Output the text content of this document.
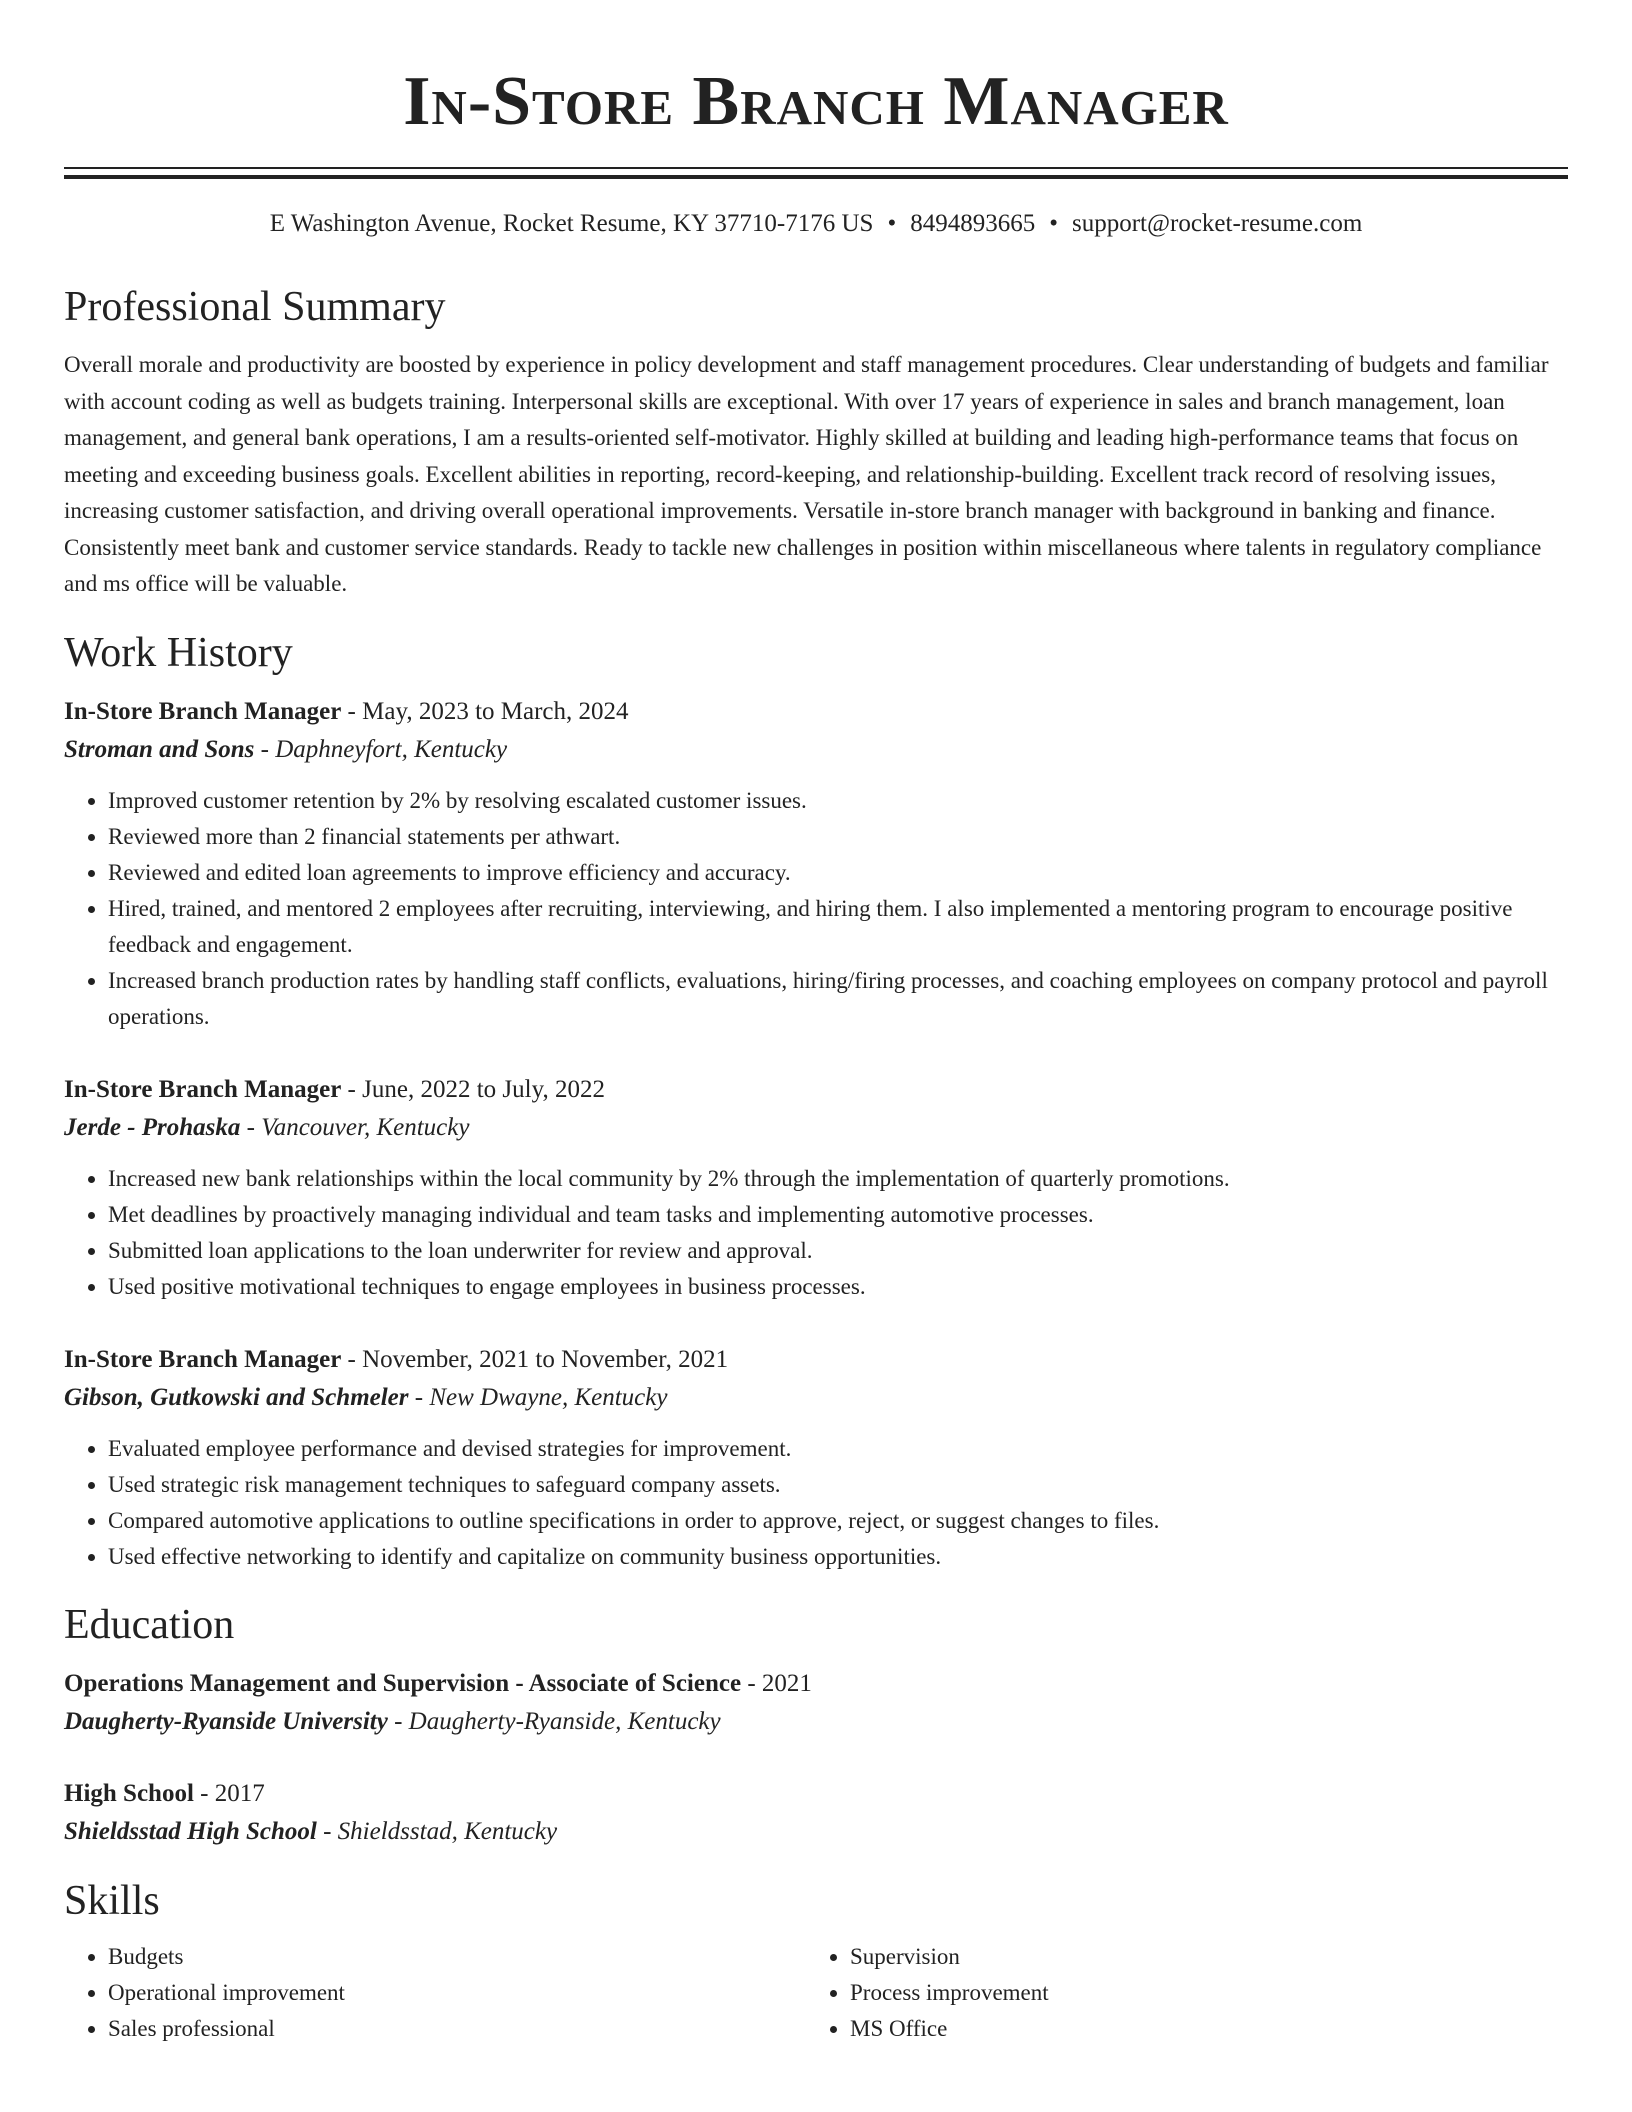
In-Store Branch Manager
E Washington Avenue, Rocket Resume, KY 37710-7176 US • 8494893665 • support@rocket-resume.com
Professional Summary

Overall morale and productivity are boosted by experience in policy development and staff management procedures. Clear understanding of budgets and familiar with account coding as well as budgets training. Interpersonal skills are exceptional. With over 17 years of experience in sales and branch management, loan management, and general bank operations, I am a results-oriented self-motivator. Highly skilled at building and leading high-performance teams that focus on meeting and exceeding business goals. Excellent abilities in reporting, record-keeping, and relationship-building. Excellent track record of resolving issues, increasing customer satisfaction, and driving overall operational improvements. Versatile in-store branch manager with background in banking and finance. Consistently meet bank and customer service standards. Ready to tackle new challenges in position within miscellaneous where talents in regulatory compliance and ms office will be valuable.

Work History
In-Store Branch Manager - May, 2023 to March, 2024
Stroman and Sons - Daphneyfort, Kentucky
• Improved customer retention by 2% by resolving escalated customer issues.
• Reviewed more than 2 financial statements per athwart.
• Reviewed and edited loan agreements to improve efficiency and accuracy.
• Hired, trained, and mentored 2 employees after recruiting, interviewing, and hiring them. I also implemented a mentoring program to encourage positive feedback and engagement.
• Increased branch production rates by handling staff conflicts, evaluations, hiring/firing processes, and coaching employees on company protocol and payroll operations.
In-Store Branch Manager - June, 2022 to July, 2022
Jerde - Prohaska - Vancouver, Kentucky
• Increased new bank relationships within the local community by 2% through the implementation of quarterly promotions.
• Met deadlines by proactively managing individual and team tasks and implementing automotive processes.
• Submitted loan applications to the loan underwriter for review and approval.
• Used positive motivational techniques to engage employees in business processes.
In-Store Branch Manager - November, 2021 to November, 2021
Gibson, Gutkowski and Schmeler - New Dwayne, Kentucky
• Evaluated employee performance and devised strategies for improvement.
• Used strategic risk management techniques to safeguard company assets.
• Compared automotive applications to outline specifications in order to approve, reject, or suggest changes to files.
• Used effective networking to identify and capitalize on community business opportunities.
Education
Operations Management and Supervision - Associate of Science - 2021
Daugherty-Ryanside University - Daugherty-Ryanside, Kentucky
High School - 2017
Shieldsstad High School - Shieldsstad, Kentucky
Skills
• Budgets
• Operational improvement
• Sales professional
• Supervision
• Process improvement
• MS Office
